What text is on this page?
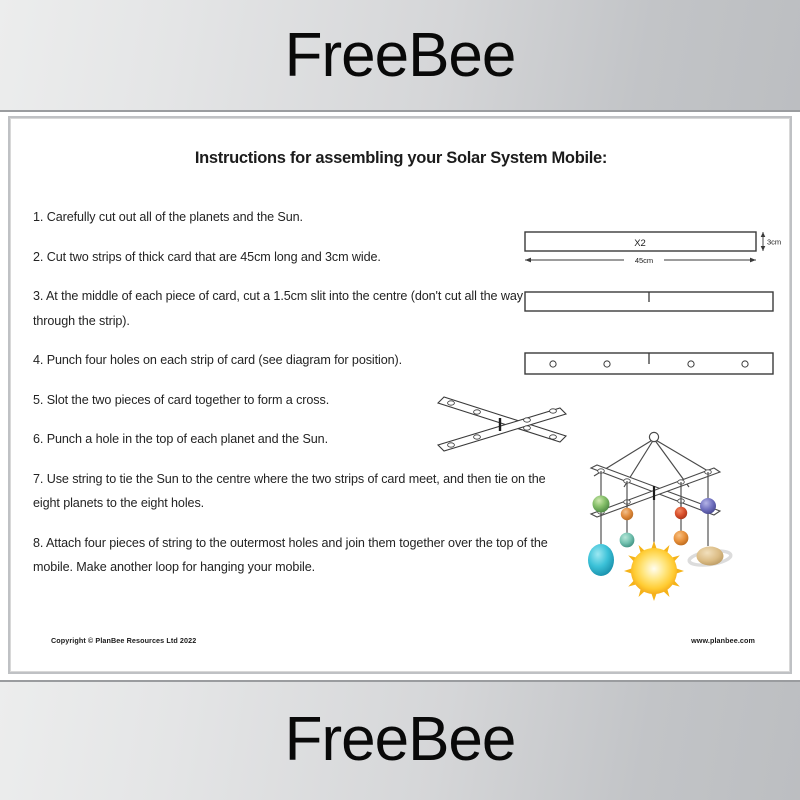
FreeBee
Instructions for assembling your Solar System Mobile:
1. Carefully cut out all of the planets and the Sun.
2. Cut two strips of thick card that are 45cm long and 3cm wide.
3. At the middle of each piece of card, cut a 1.5cm slit into the centre (don't cut all the way through the strip).
4. Punch four holes on each strip of card (see diagram for position).
5. Slot the two pieces of card together to form a cross.
6. Punch a hole in the top of each planet and the Sun.
7. Use string to tie the Sun to the centre where the two strips of card meet, and then tie on the eight planets to the eight holes.
8. Attach four pieces of string to the outermost holes and join them together over the top of the mobile. Make another loop for hanging your mobile.
X2
45cm
3cm
Copyright © PlanBee Resources Ltd 2022	www.planbee.com
FreeBee
